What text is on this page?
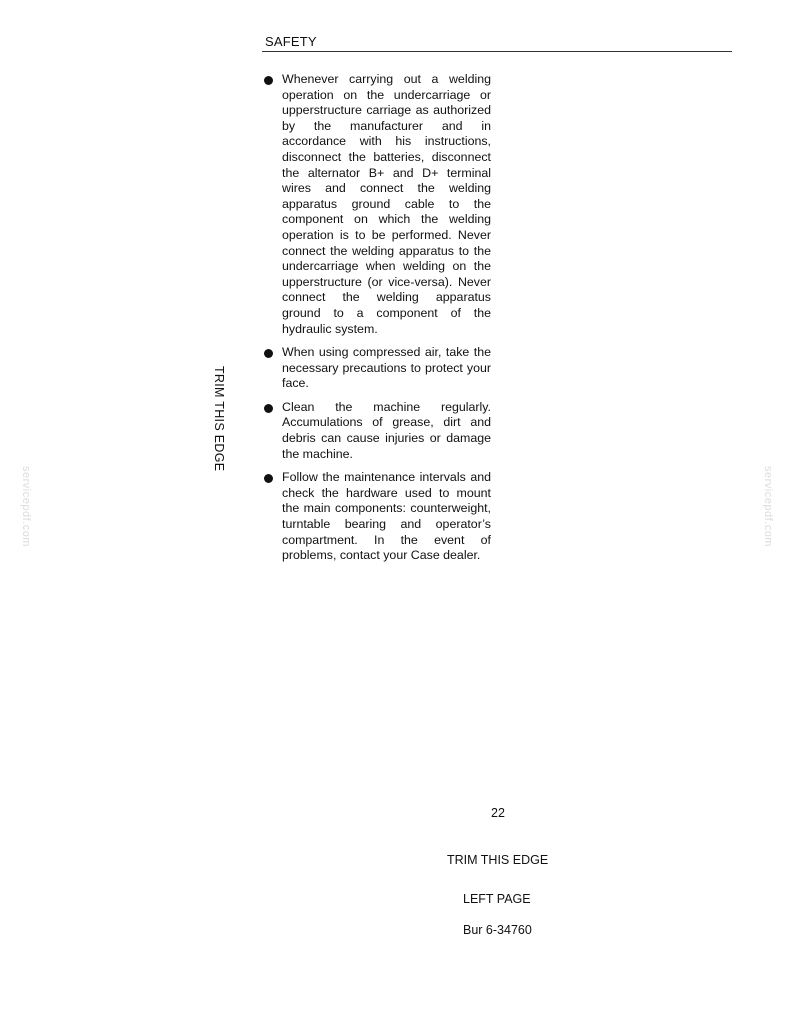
SAFETY
Whenever carrying out a welding operation on the undercarriage or upperstructure carriage as authorized by the manufacturer and in accordance with his instructions, disconnect the batteries, disconnect the alternator B+ and D+ terminal wires and connect the welding apparatus ground cable to the component on which the welding operation is to be performed. Never connect the welding apparatus to the undercarriage when welding on the upperstructure (or vice-versa). Never connect the welding apparatus ground to a component of the hydraulic system.
When using compressed air, take the necessary precautions to protect your face.
Clean the machine regularly. Accumulations of grease, dirt and debris can cause injuries or damage the machine.
Follow the maintenance intervals and check the hardware used to mount the main components: counterweight, turntable bearing and operator’s compartment. In the event of problems, contact your Case dealer.
TRIM THIS EDGE
servicepdf.com	servicepdf.com
22
TRIM THIS EDGE
LEFT PAGE
Bur 6-34760
